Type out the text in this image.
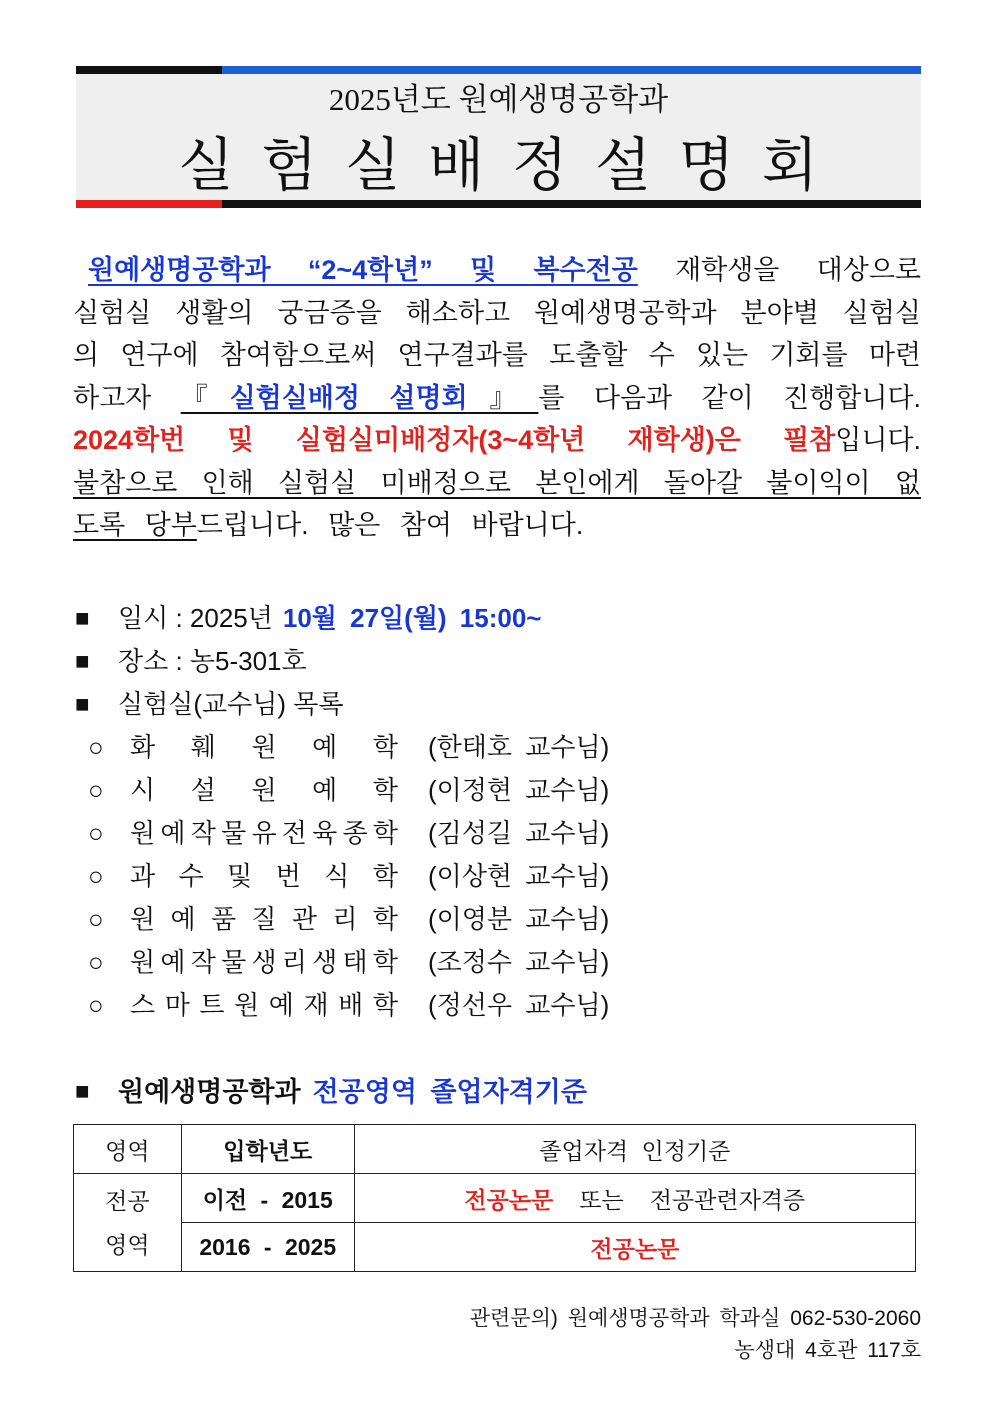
2025년도 원예생명공학과
실 험 실 배 정 설 명 회
원예생명공학과 “2~4학년” 및 복수전공 재학생을 대상으로
실험실 생활의 궁금증을 해소하고 원예생명공학과 분야별 실험실
의 연구에 참여함으로써 연구결과를 도출할 수 있는 기회를 마련
하고자 『실험실배정 설명회』를 다음과 같이 진행합니다.
2024학번 및 실험실미배정자(3~4학년 재학생)은 필참입니다.
불참으로 인해 실험실 미배정으로 본인에게 돌아갈 불이익이 없
도록 당부드립니다. 많은 참여 바랍니다.
■	일시 : 2025년 10월 27일(월) 15:00~
■	장소 : 농5-301호
■	실험실(교수님) 목록
○	화 훼 원 예 학 (한태호 교수님)
○	시 설 원 예 학 (이정현 교수님)
○	원 예 작 물 유 전 육 종 학 (김성길 교수님)
○	과 수 및 번 식 학 (이상현 교수님)
○	원 예 품 질 관 리 학 (이영분 교수님)
○	원 예 작 물 생 리 생 태 학 (조정수 교수님)
○	스 마 트 원 예 재 배 학 (정선우 교수님)
■	원예생명공학과 전공영역 졸업자격기준
영역	입학년도	졸업자격 인정기준

전공
영역	이전 - 2015	전공논문 또는 전공관련자격증
	2016 - 2025	전공논문
관련문의) 원예생명공학과 학과실 062-530-2060
농생대 4호관 117호
